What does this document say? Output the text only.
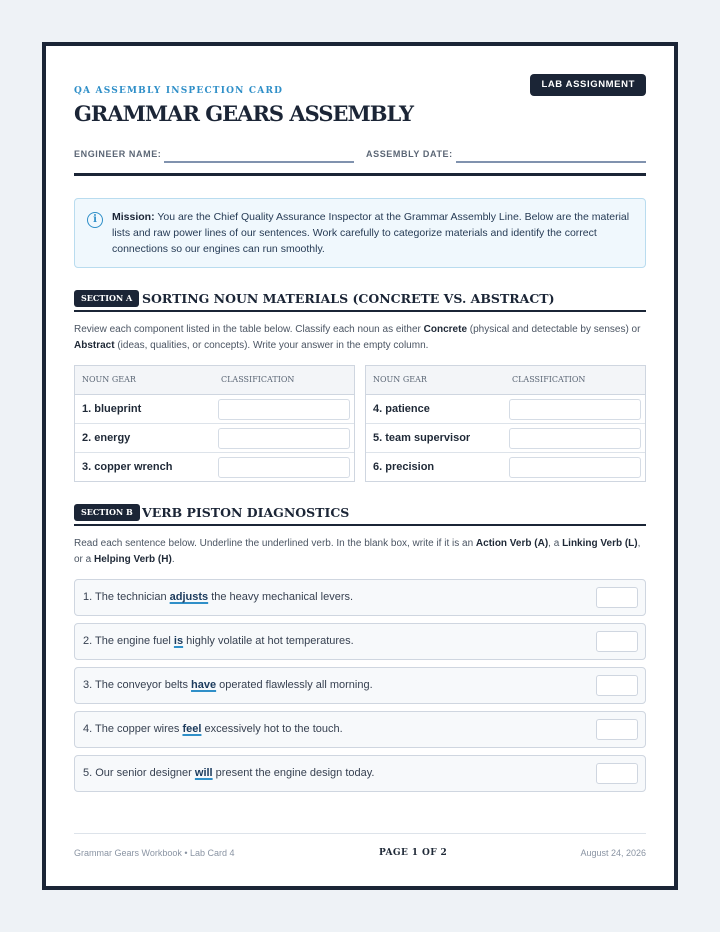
QA ASSEMBLY INSPECTION CARD
LAB ASSIGNMENT
GRAMMAR GEARS ASSEMBLY
ENGINEER NAME:	ASSEMBLY DATE:
i	Mission: You are the Chief Quality Assurance Inspector at the Grammar Assembly Line. Below are the material lists and raw power lines of our sentences. Work carefully to categorize materials and identify the correct connections so our engines can run smoothly.
SECTION A SORTING NOUN MATERIALS (CONCRETE VS. ABSTRACT)
Review each component listed in the table below. Classify each noun as either Concrete (physical and detectable by senses) or Abstract (ideas, qualities, or concepts). Write your answer in the empty column.
NOUN GEAR	CLASSIFICATION
1. blueprint
2. energy
3. copper wrench
NOUN GEAR	CLASSIFICATION
4. patience
5. team supervisor
6. precision
SECTION B VERB PISTON DIAGNOSTICS
Read each sentence below. Underline the underlined verb. In the blank box, write if it is an Action Verb (A), a Linking Verb (L), or a Helping Verb (H).
1. The technician adjusts the heavy mechanical levers.
2. The engine fuel is highly volatile at hot temperatures.
3. The conveyor belts have operated flawlessly all morning.
4. The copper wires feel excessively hot to the touch.
5. Our senior designer will present the engine design today.
Grammar Gears Workbook • Lab Card 4	PAGE 1 OF 2	August 24, 2026
